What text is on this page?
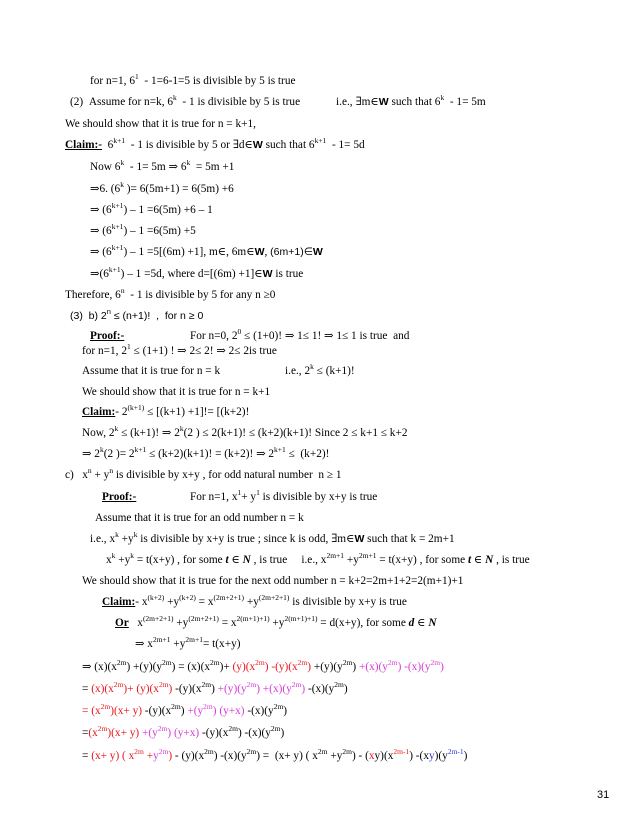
for n=1, $6^1 - 1=6-1=5$ is divisible by 5 is true
(2)  Assume for n=k, 6$^k$  - 1 is divisible by 5 is true	i.e., ∃m∈W such that 6$^k$  - 1= 5m
We should show that it is true for n = k+1,
Claim:-  $6^{k+1} - 1$ is divisible by 5 or ∃d∈W such that $6^{k+1} - 1= 5d$
Now 6$^k$  - 1= 5m ⇒ 6$^k$  = 5m +1
⇒6. (6$^k$ )= 6(5m+1) = 6(5m) +6
⇒ $(6^{k+1}) - 1 =6(5m) +6 - 1$
⇒ $(6^{k+1}) - 1 =6(5m) +5$
⇒ $(6^{k+1}) - 1 =5[(6m) +1]$, m∈, 6m∈W, (6m+1)∈W
$\Rightarrow(6^{k+1}) - 1 =5d$, where d=[(6m) +1]∈W is true
Therefore, 6$^n$  - 1 is divisible by 5 for any n ≥0
(3)  b) $2^n \le (n+1)$!  ,  for n ≥ 0
Proof:-	For n=0, $2^0 \le (1+0)$! ⇒ 1≤ 1! ⇒ 1≤ 1 is true  and
for n=1, $2^1 \le (1+1)$ ! ⇒ 2≤ 2! ⇒ 2≤ 2is true
Assume that it is true for n = k	i.e., $2^k \le (k+1)$!
We should show that it is true for n = k+1
Claim:- $2^{(k+1)} \le [(k+1) +1]!= [(k+2)$!
Now, $2^k \le (k+1)$! ⇒ 2$^k$(2 ) ≤ 2(k+1)! ≤ (k+2)(k+1)! Since 2 ≤ k+1 ≤ k+2
⇒ 2$^k$(2 )= $2^{k+1} \le (k+2)(k+1)$! = (k+2)! ⇒ $2^{k+1} \le (k+2)$!
c)   $x^n + y^n$ is divisible by x+y , for odd natural number  n ≥ 1
Proof:-	For n=1, $x^1+ y^1$ is divisible by x+y is true
Assume that it is true for an odd number n = k
i.e., $x^k +y^k$ is divisible by x+y is true ; since k is odd, ∃m∈W such that k = 2m+1
$x^k +y^k = t(x+y)$ , for some t ∈ N , is true     i.e., $x^{2m+1} +y^{2m+1} = t(x+y)$ , for some t ∈ N , is true
We should show that it is true for the next odd number n = k+2=2m+1+2=2(m+1)+1
Claim:- $x^{(k+2)} +y^{(k+2)} = x^{(2m+2+1)} +y^{(2m+2+1)}$ is divisible by x+y is true
Or   $x^{(2m+2+1)} +y^{(2m+2+1)} = x^{2(m+1)+1)} +y^{2(m+1)+1)} = d(x+y)$, for some d ∈ N
⇒ $x^{2m+1} +y^{2m+1}= t(x+y)$
⇒ $(x)(x^{2m}) +(y)(y^{2m}) = (x)(x^{2m})+ (y)(x^{2m})$ $-(y)(x^{2m}) +(y)(y^{2m}) +(x)(y^{2m})$ $-(x)(y^{2m})$
= $(x)(x^{2m})+ (y)(x^{2m})$ $-(y)(x^{2m}) +(y)(y^{2m}) +(x)(y^{2m})$ $-(x)(y^{2m})$
= $(x^{2m})(x+ y)$ $-(y)(x^{2m}) +(y^{2m})$ (y+x) $-(x)(y^{2m})$
$=(x^{2m})(x+ y) +(y^{2m})$ (y+x) $-(y)(x^{2m})$ $-(x)(y^{2m})$
= (x+ y) ( $x^{2m} +y^{2m}) - (y)(x^{2m})$ $-(x)(y^{2m}) = (x+ y)$ ( $x^{2m} +y^{2m}) - (xy)(x^{2m-1})$ $-(xy)(y^{2m-1})$
31
